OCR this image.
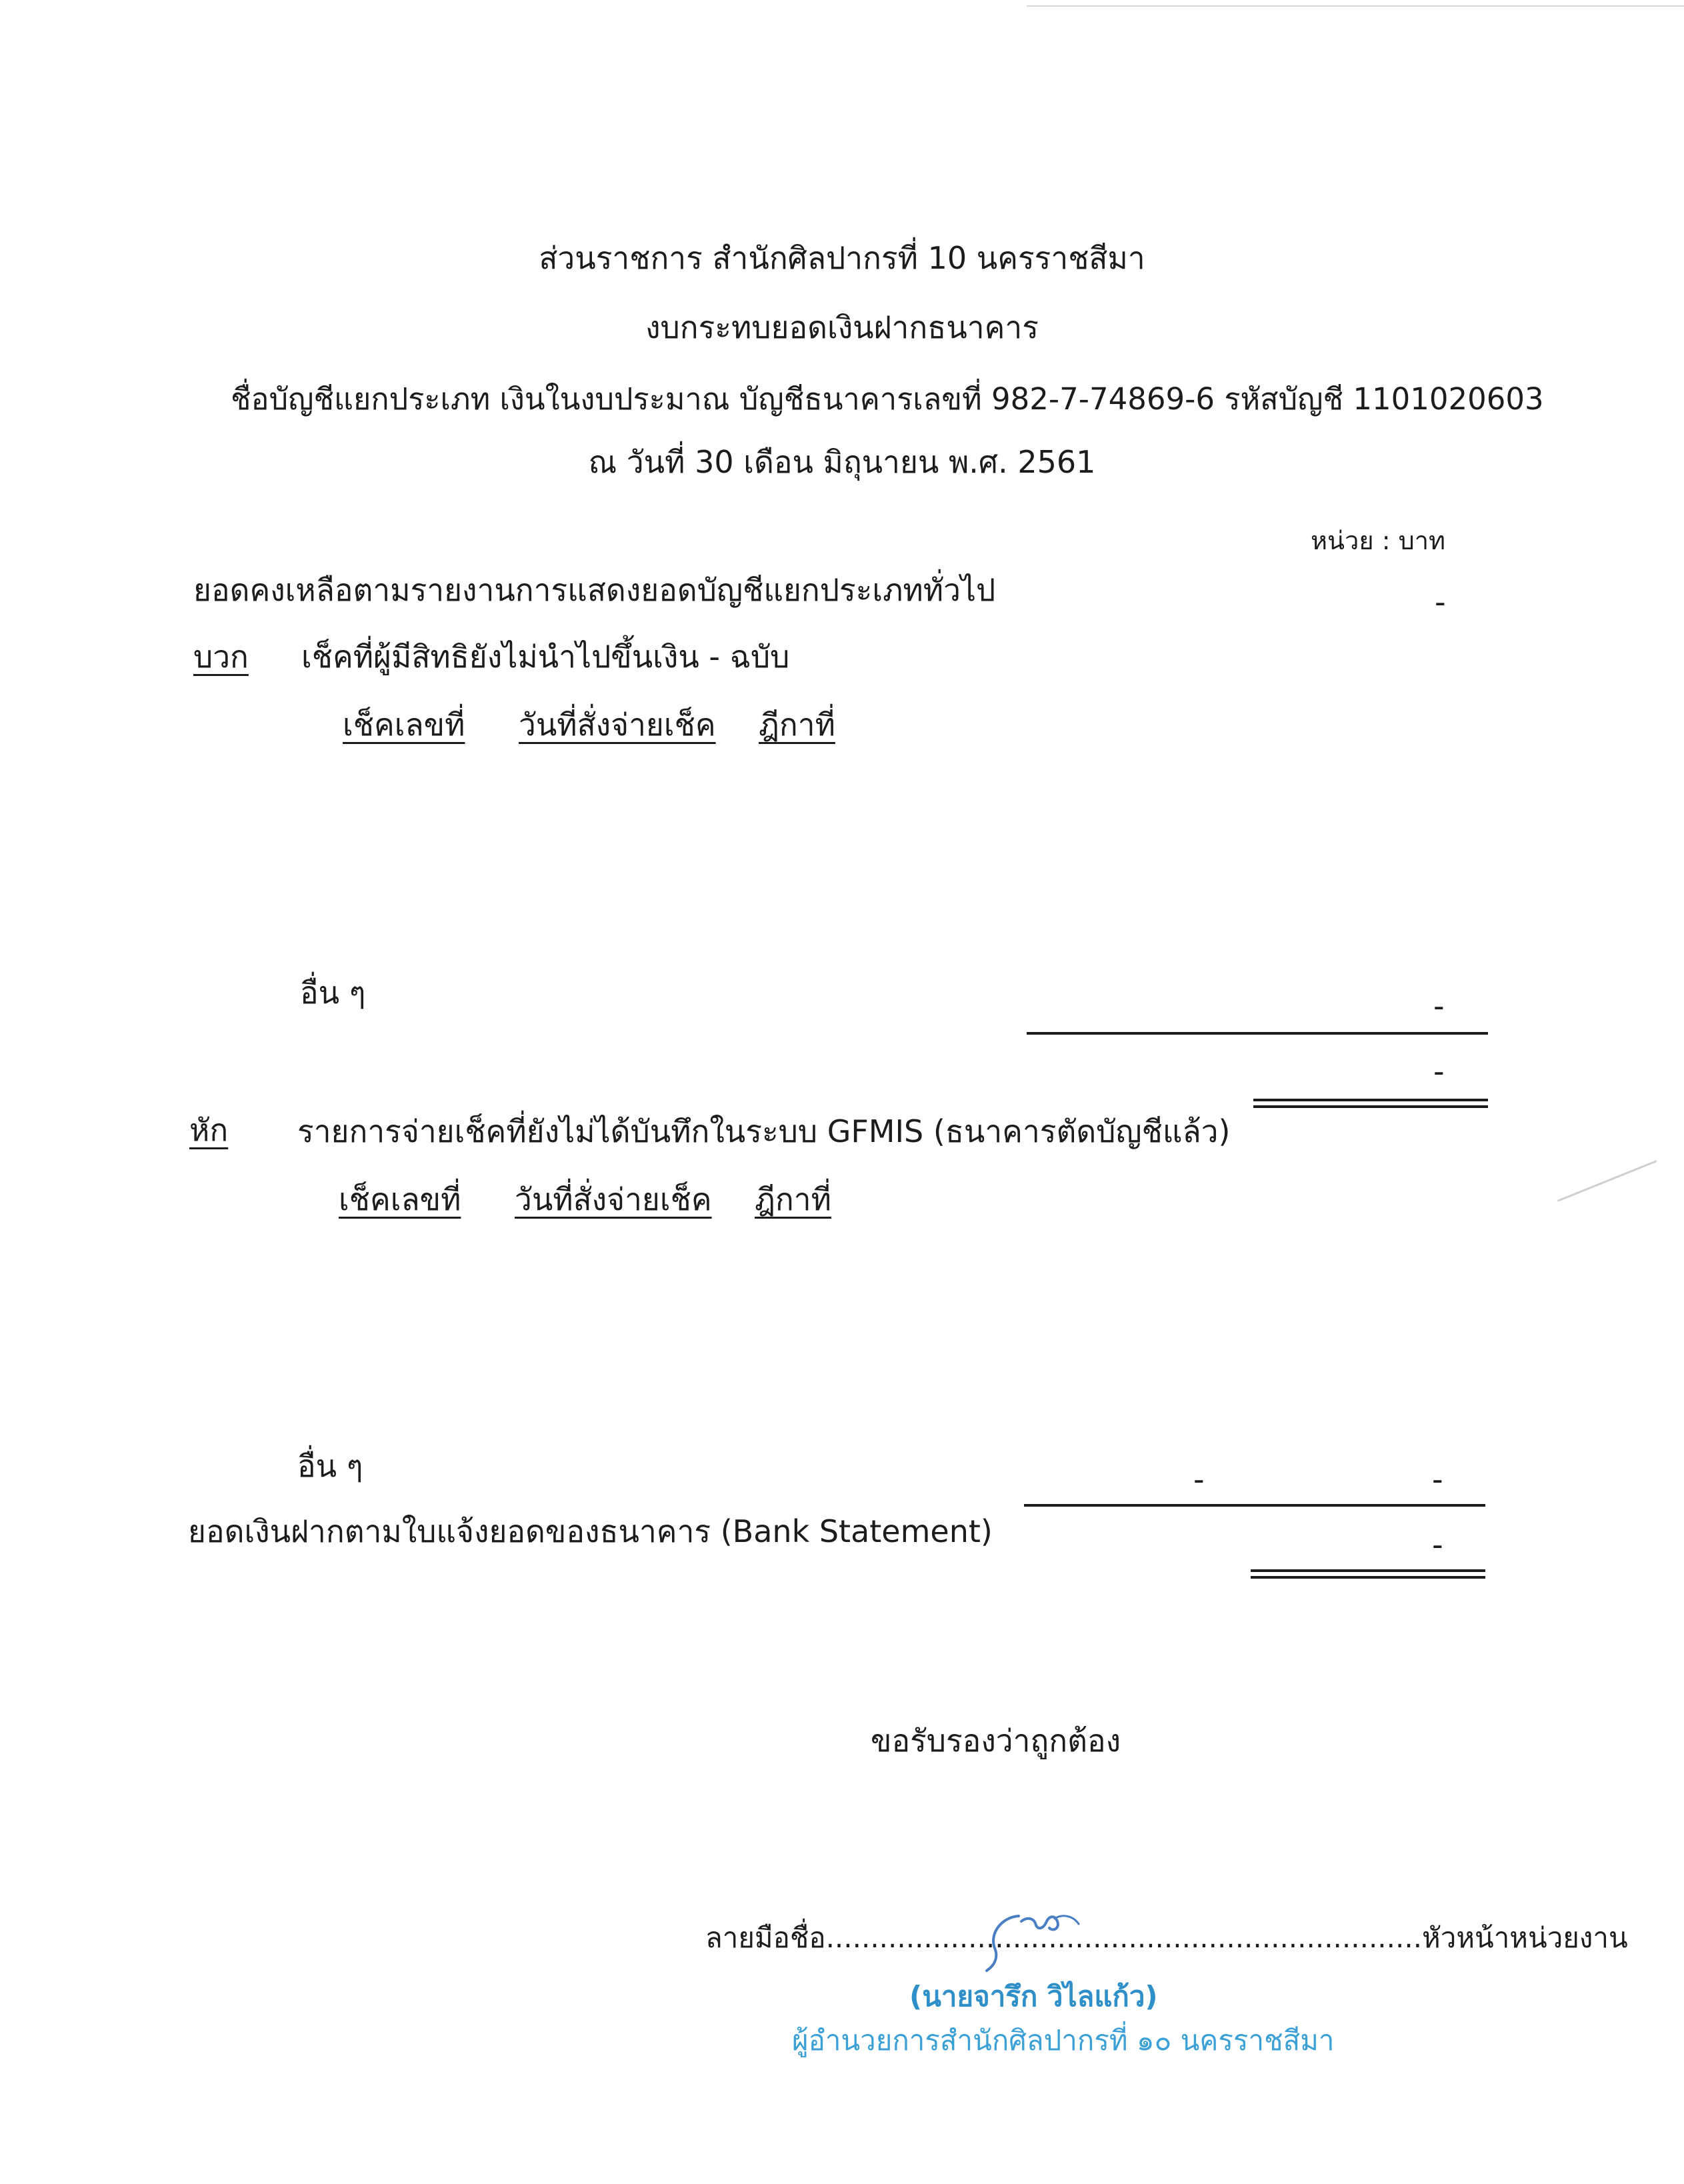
ส่วนราชการ สำนักศิลปากรที่ 10 นครราชสีมา
งบกระทบยอดเงินฝากธนาคาร
ชื่อบัญชีแยกประเภท เงินในงบประมาณ บัญชีธนาคารเลขที่ 982-7-74869-6 รหัสบัญชี 1101020603
ณ วันที่ 30 เดือน มิถุนายน พ.ศ. 2561
หน่วย : บาท
ยอดคงเหลือตามรายงานการแสดงยอดบัญชีแยกประเภททั่วไป	-
บวก เช็คที่ผู้มีสิทธิยังไม่นำไปขึ้นเงิน - ฉบับ
เช็คเลขที่ วันที่สั่งจ่ายเช็ค ฎีกาที่
อื่น ๆ	-
-
หัก รายการจ่ายเช็คที่ยังไม่ได้บันทึกในระบบ GFMIS (ธนาคารตัดบัญชีแล้ว)
เช็คเลขที่ วันที่สั่งจ่ายเช็ค ฎีกาที่
อื่น ๆ	-	-
ยอดเงินฝากตามใบแจ้งยอดของธนาคาร (Bank Statement)	-
ขอรับรองว่าถูกต้อง
ลายมือชื่อ...................................................................หัวหน้าหน่วยงาน
(นายจารึก วิไลแก้ว)
ผู้อำนวยการสำนักศิลปากรที่ ๑๐ นครราชสีมา
